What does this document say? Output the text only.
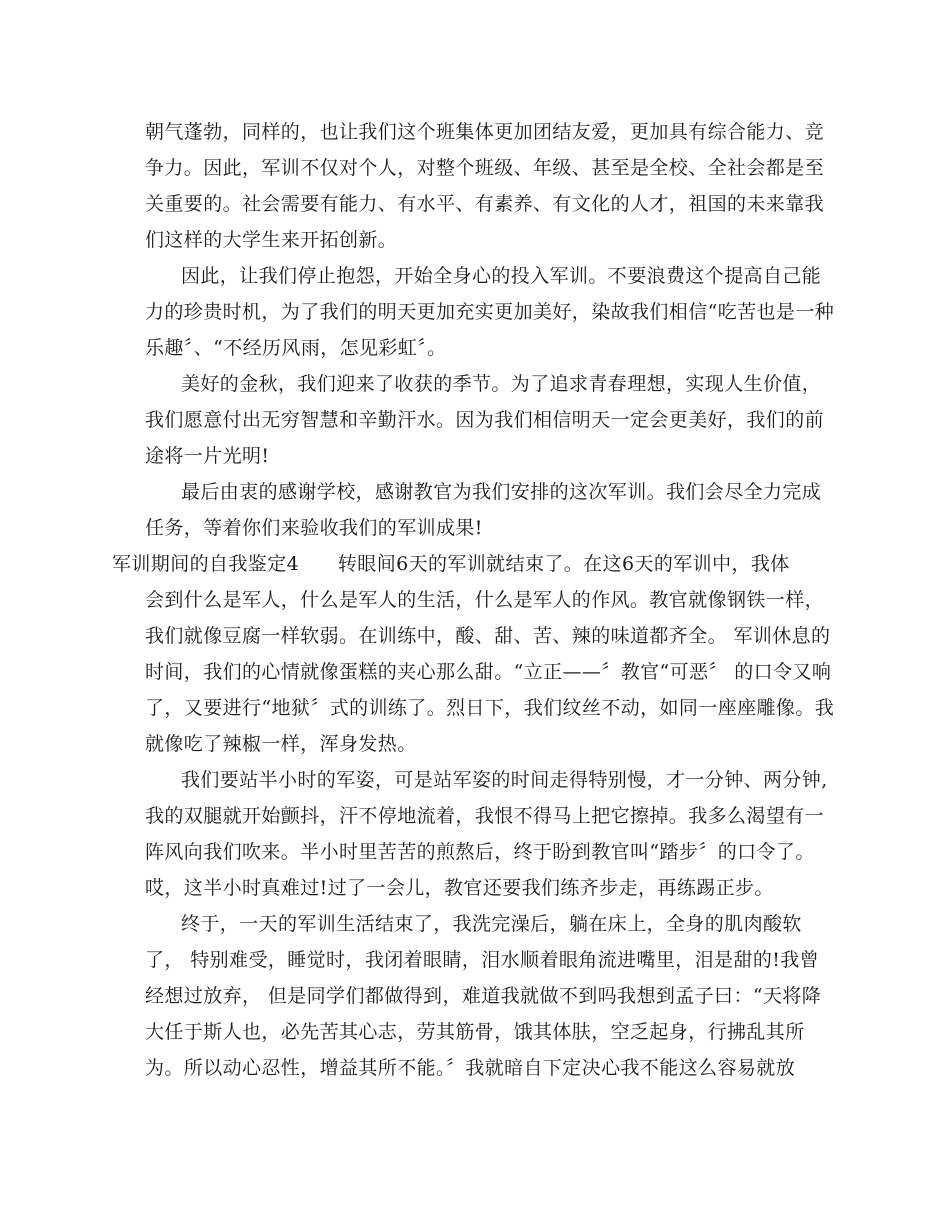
朝气蓬勃，同样的，也让我们这个班集体更加团结友爱，更加具有综合能力、竞
争力。因此，军训不仅对个人，对整个班级、年级、甚至是全校、全社会都是至
关重要的。社会需要有能力、有水平、有素养、有文化的人才，祖国的未来靠我
们这样的大学生来开拓创新。
因此，让我们停止抱怨，开始全身心的投入军训。不要浪费这个提高自己能
力的珍贵时机，为了我们的明天更加充实更加美好，染故我们相信“吃苦也是一种
乐趣〞、“不经历风雨，怎见彩虹〞。
美好的金秋，我们迎来了收获的季节。为了追求青春理想，实现人生价值，
我们愿意付出无穷智慧和辛勤汗水。因为我们相信明天一定会更美好，我们的前
途将一片光明!
最后由衷的感谢学校，感谢教官为我们安排的这次军训。我们会尽全力完成
任务，等着你们来验收我们的军训成果!
军训期间的自我鉴定4　　转眼间6天的军训就结束了。在这6天的军训中，我体
会到什么是军人，什么是军人的生活，什么是军人的作风。教官就像钢铁一样，
我们就像豆腐一样软弱。在训练中，酸、甜、苦、辣的味道都齐全。 军训休息的
时间，我们的心情就像蛋糕的夹心那么甜。“立正——〞教官“可恶〞 的口令又响
了，又要进行“地狱〞式的训练了。烈日下，我们纹丝不动，如同一座座雕像。我
就像吃了辣椒一样，浑身发热。
我们要站半小时的军姿，可是站军姿的时间走得特别慢，才一分钟、两分钟,
我的双腿就开始颤抖，汗不停地流着，我恨不得马上把它擦掉。我多么渴望有一
阵风向我们吹来。半小时里苦苦的煎熬后，终于盼到教官叫“踏步〞的口令了。
哎，这半小时真难过!过了一会儿，教官还要我们练齐步走，再练踢正步。
终于，一天的军训生活结束了，我洗完澡后，躺在床上，全身的肌肉酸软
了， 特别难受，睡觉时，我闭着眼睛，泪水顺着眼角流进嘴里，泪是甜的!我曾
经想过放弃， 但是同学们都做得到，难道我就做不到吗我想到孟子曰：“天将降
大任于斯人也，必先苦其心志，劳其筋骨，饿其体肤，空乏起身，行拂乱其所
为。所以动心忍性，增益其所不能。〞我就暗自下定决心我不能这么容易就放
